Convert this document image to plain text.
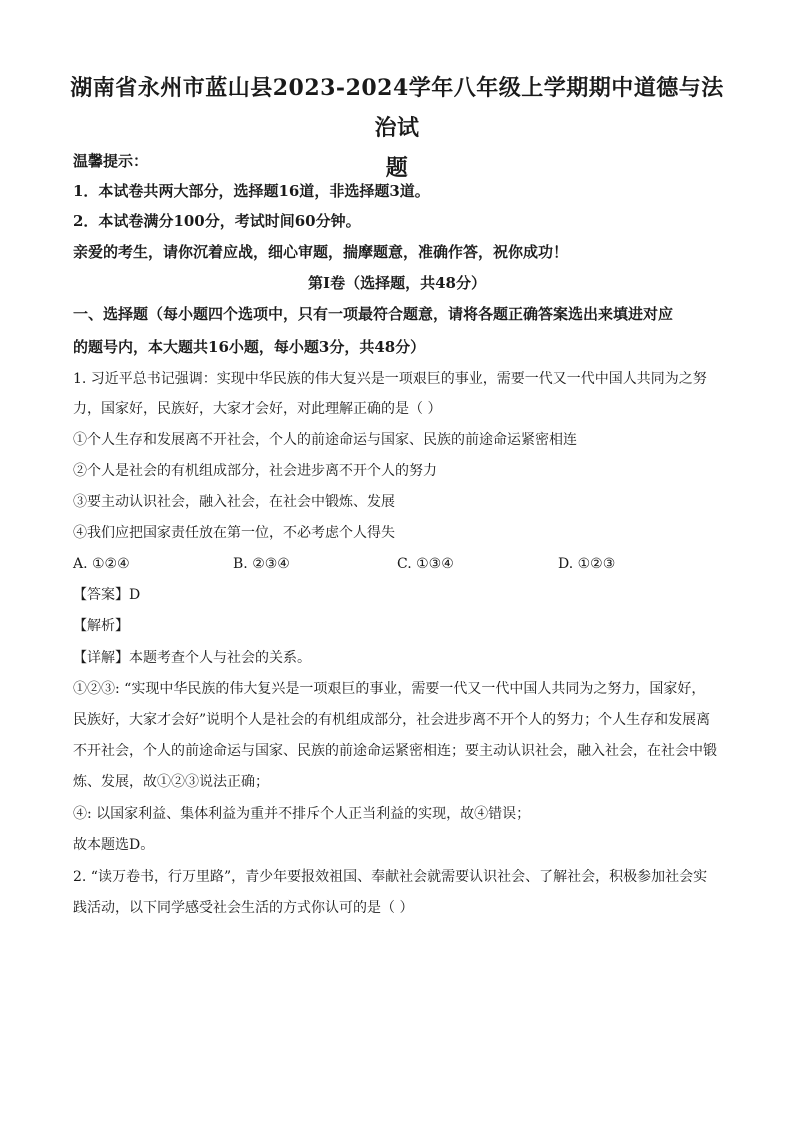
湖南省永州市蓝山县2023-2024学年八年级上学期期中道德与法治试
题
温馨提示：
1．本试卷共两大部分，选择题16道，非选择题3道。
2．本试卷满分100分，考试时间60分钟。
亲爱的考生，请你沉着应战，细心审题，揣摩题意，准确作答，祝你成功！
第Ⅰ卷（选择题，共48分）
一、选择题（每小题四个选项中，只有一项最符合题意，请将各题正确答案选出来填进对应
的题号内，本大题共16小题，每小题3分，共48分）
1. 习近平总书记强调：实现中华民族的伟大复兴是一项艰巨的事业，需要一代又一代中国人共同为之努
力，国家好，民族好，大家才会好，对此理解正确的是（ ）
①个人生存和发展离不开社会，个人的前途命运与国家、民族的前途命运紧密相连
②个人是社会的有机组成部分，社会进步离不开个人的努力
③要主动认识社会，融入社会，在社会中锻炼、发展
④我们应把国家责任放在第一位，不必考虑个人得失
A. ①②④	B. ②③④	C. ①③④	D. ①②③
【答案】D
【解析】
【详解】本题考查个人与社会的关系。
①②③: “实现中华民族的伟大复兴是一项艰巨的事业，需要一代又一代中国人共同为之努力，国家好，
民族好，大家才会好”说明个人是社会的有机组成部分，社会进步离不开个人的努力；个人生存和发展离
不开社会，个人的前途命运与国家、民族的前途命运紧密相连；要主动认识社会，融入社会，在社会中锻
炼、发展，故①②③说法正确；
④: 以国家利益、集体利益为重并不排斥个人正当利益的实现，故④错误；
故本题选D。
2. “读万卷书，行万里路”，青少年要报效祖国、奉献社会就需要认识社会、了解社会，积极参加社会实
践活动，以下同学感受社会生活的方式你认可的是（ ）
